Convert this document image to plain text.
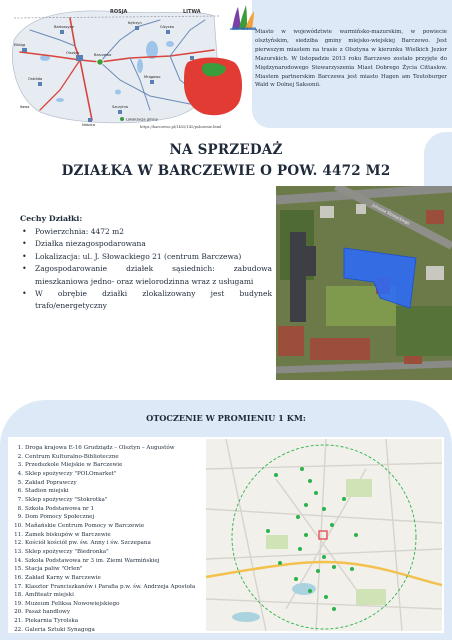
ROSJA	LITWA
Olsztyn	Barczewo
Elbląg
Ostróda	Mrągowo
Giżycko
Kętrzyn
Szczytno
Bartoszyce
Iława
Nidzica
Lokalizacja gminy
https://barczewo.pl/1455/145/polozenie.html
Barczewo

Miasto w województwie warmińsko-mazurskim, w powiecie olsztyńskim, siedziba gminy miejsko-wiejskiej Barczewo. Jest pierwszym miastem na trasie z Olsztyna w kierunku Wielkich Jezior Mazurskich. W listopadzie 2013 roku Barczewo zostało przyjęte do Międzynarodowego Stowarzyszenia Miast Dobrego Życia Cittaslow. Miastem partnerskim Barczewa jest miasto Hagen am Teutoburger Wald w Dolnej Saksonii.

NA SPRZEDAŻ
DZIAŁKA W BARCZEWIE O POW. 4472 M2
Cechy Działki:
• Powierzchnia: 4472 m2
• Działka niezagospodarowana
• Lokalizacja: ul. J. Słowackiego 21 (centrum Barczewa)
• Zagospodarowanie działek sąsiednich: zabudowa mieszkaniowa jedno- oraz wielorodzinna wraz z usługami
• W obrębie działki zlokalizowany jest budynek trafo/energetyczny
Juliusza Słowackiego
OTOCZENIE W PROMIENIU 1 KM:
1. Droga krajowa E-16 Grudziądz – Olsztyn – Augustów
2. Centrum Kulturalno-Biblioteczne
3. Przedszkole Miejskie w Barczewie
4. Sklep spożywczy "POLOmarket"
5. Zakład Poprawczy
6. Stadion miejski
7. Sklep spożywczy "Stokrotka"
8. Szkoła Podstawowa nr 1
9. Dom Pomocy Społecznej
10. Mañańskie Centrum Pomocy w Barczewie
11. Zamek biskupów w Barczewie
12. Kościół kościół pw. św. Anny i św. Szczepana
13. Sklep spożywczy "Biedronka"
14. Szkoła Podstawowa nr 3 im. Ziemi Warmińskiej
15. Stacja paliw "Orlen"
16. Zakład Karny w Barczewie
17. Klasztor Franciszkanów i Parafia p.w. św. Andrzeja Apostoła
18. Amfiteatr miejski
19. Muzeum Feliksa Nowowiejskiego
20. Pasaż handlowy
21. Piekarnia Tyrolska
22. Galeria Sztuki Synagoga
